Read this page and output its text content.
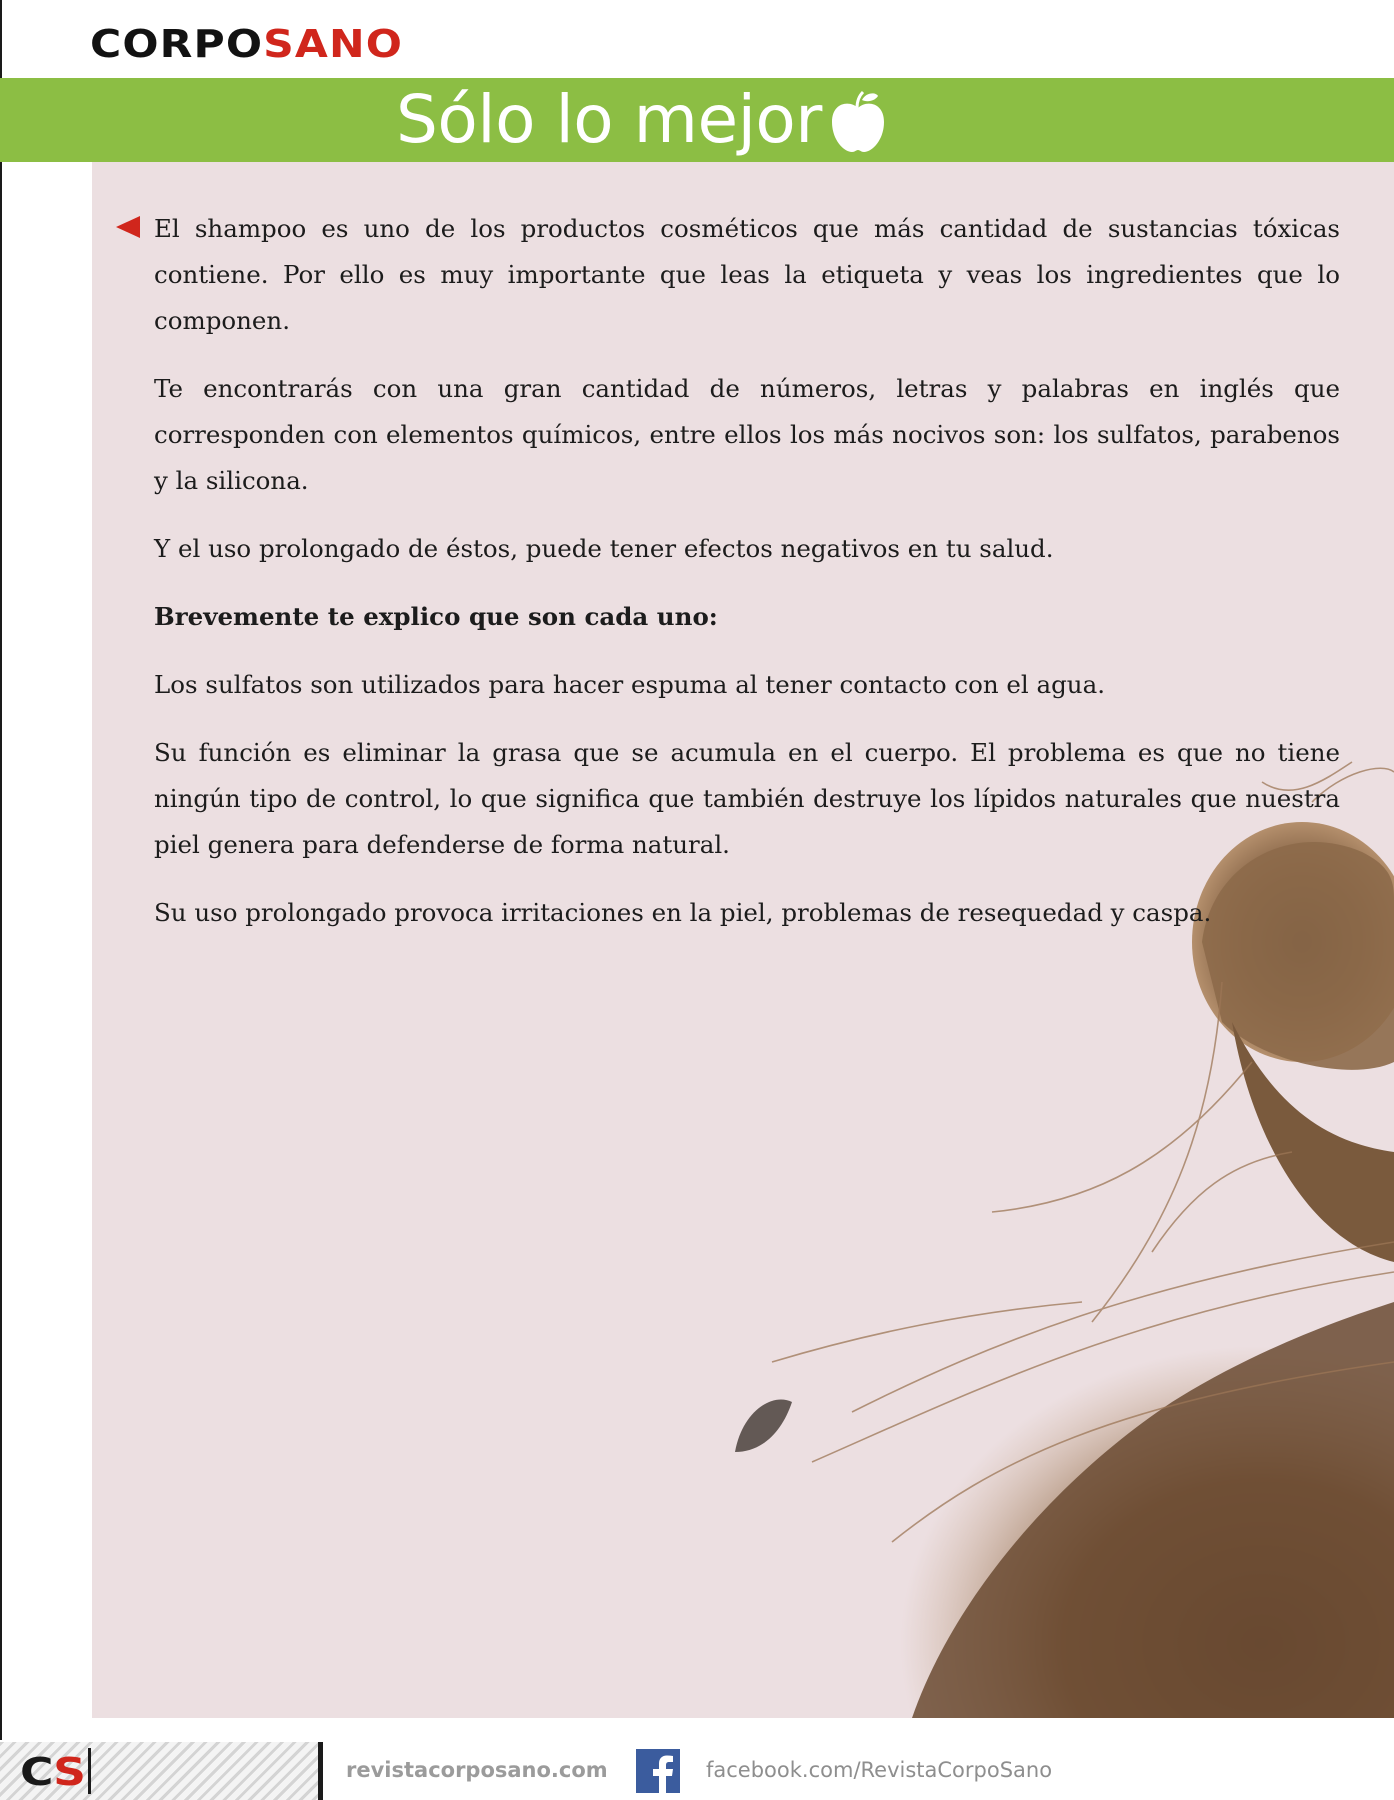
CORPOSANO
Sólo lo mejor

El shampoo es uno de los productos cosméticos que más cantidad de sustancias tóxicas contiene. Por ello es muy importante que leas la etiqueta y veas los ingredientes que lo componen.

Te encontrarás con una gran cantidad de números, letras y palabras en inglés que corresponden con elementos químicos, entre ellos los más nocivos son: los sulfatos, parabenos y la silicona.

Y el uso prolongado de éstos, puede tener efectos negativos en tu salud.

Brevemente te explico que son cada uno:

Los sulfatos son utilizados para hacer espuma al tener contacto con el agua.

Su función es eliminar la grasa que se acumula en el cuerpo. El problema es que no tiene ningún tipo de control, lo que significa que también destruye los lípidos naturales que nuestra piel genera para defenderse de forma natural.

Su uso prolongado provoca irritaciones en la piel, problemas de resequedad y caspa.

CS	revistacorposano.com	facebook.com/RevistaCorpoSano
